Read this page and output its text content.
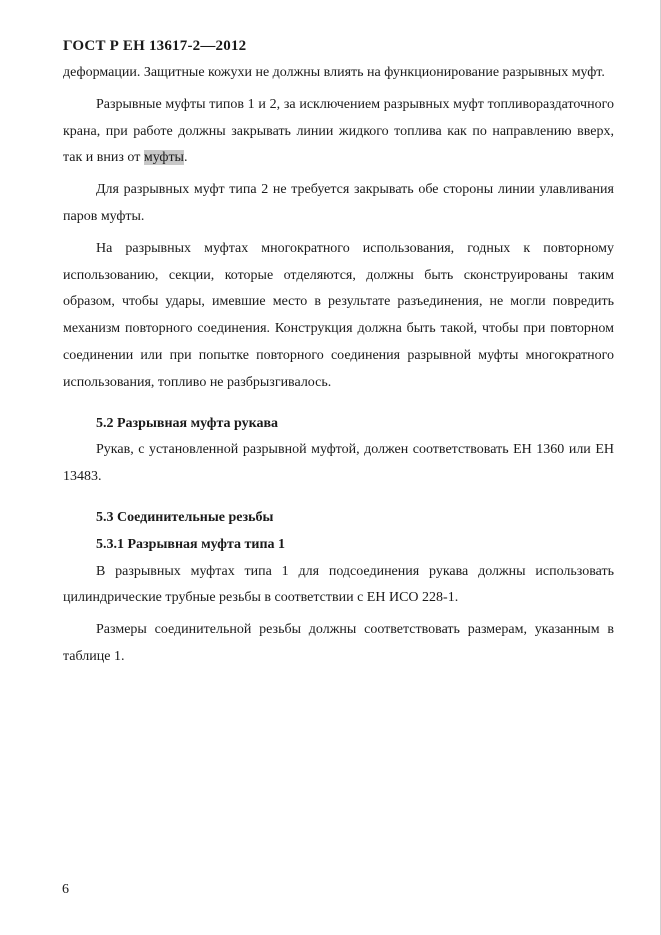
ГОСТ Р ЕН 13617-2—2012

деформации. Защитные кожухи не должны влиять на функционирование разрывных муфт.

Разрывные муфты типов 1 и 2, за исключением разрывных муфт топливораздаточного крана, при работе должны закрывать линии жидкого топлива как по направлению вверх, так и вниз от муфты.

Для разрывных муфт типа 2 не требуется закрывать обе стороны линии улавливания паров муфты.

На разрывных муфтах многократного использования, годных к повторному использованию, секции, которые отделяются, должны быть сконструированы таким образом, чтобы удары, имевшие место в результате разъединения, не могли повредить механизм повторного соединения. Конструкция должна быть такой, чтобы при повторном соединении или при попытке повторного соединения разрывной муфты многократного использования, топливо не разбрызгивалось.

5.2 Разрывная муфта рукава

Рукав, с установленной разрывной муфтой, должен соответствовать ЕН 1360 или ЕН 13483.

5.3 Соединительные резьбы

5.3.1 Разрывная муфта типа 1

В разрывных муфтах типа 1 для подсоединения рукава должны использовать цилиндрические трубные резьбы в соответствии с ЕН ИСО 228-1.

Размеры соединительной резьбы должны соответствовать размерам, указанным в таблице 1.

6
